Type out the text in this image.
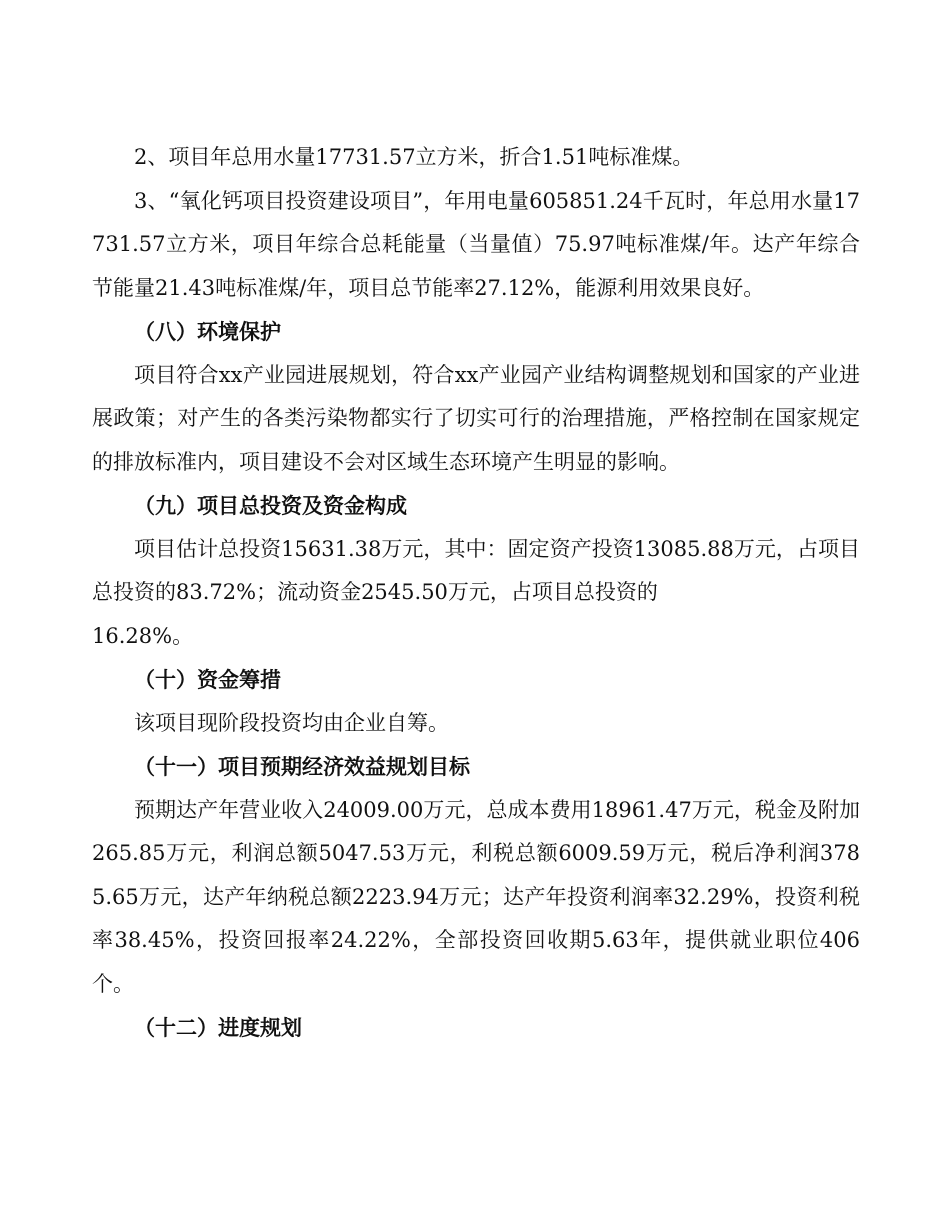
2、项目年总用水量17731.57立方米，折合1.51吨标准煤。

3、“氧化钙项目投资建设项目”，年用电量605851.24千瓦时，年总用水量17731.57立方米，项目年综合总耗能量（当量值）75.97吨标准煤/年。达产年综合节能量21.43吨标准煤/年，项目总节能率27.12%，能源利用效果良好。

（八）环境保护

项目符合xx产业园进展规划，符合xx产业园产业结构调整规划和国家的产业进展政策；对产生的各类污染物都实行了切实可行的治理措施，严格控制在国家规定的排放标准内，项目建设不会对区域生态环境产生明显的影响。

（九）项目总投资及资金构成

项目估计总投资15631.38万元，其中：固定资产投资13085.88万元，占项目总投资的83.72%；流动资金2545.50万元，占项目总投资的

16.28%。

（十）资金筹措

该项目现阶段投资均由企业自筹。

（十一）项目预期经济效益规划目标

预期达产年营业收入24009.00万元，总成本费用18961.47万元，税金及附加265.85万元，利润总额5047.53万元，利税总额6009.59万元，税后净利润3785.65万元，达产年纳税总额2223.94万元；达产年投资利润率32.29%，投资利税率38.45%，投资回报率24.22%，全部投资回收期5.63年，提供就业职位406个。

（十二）进度规划
